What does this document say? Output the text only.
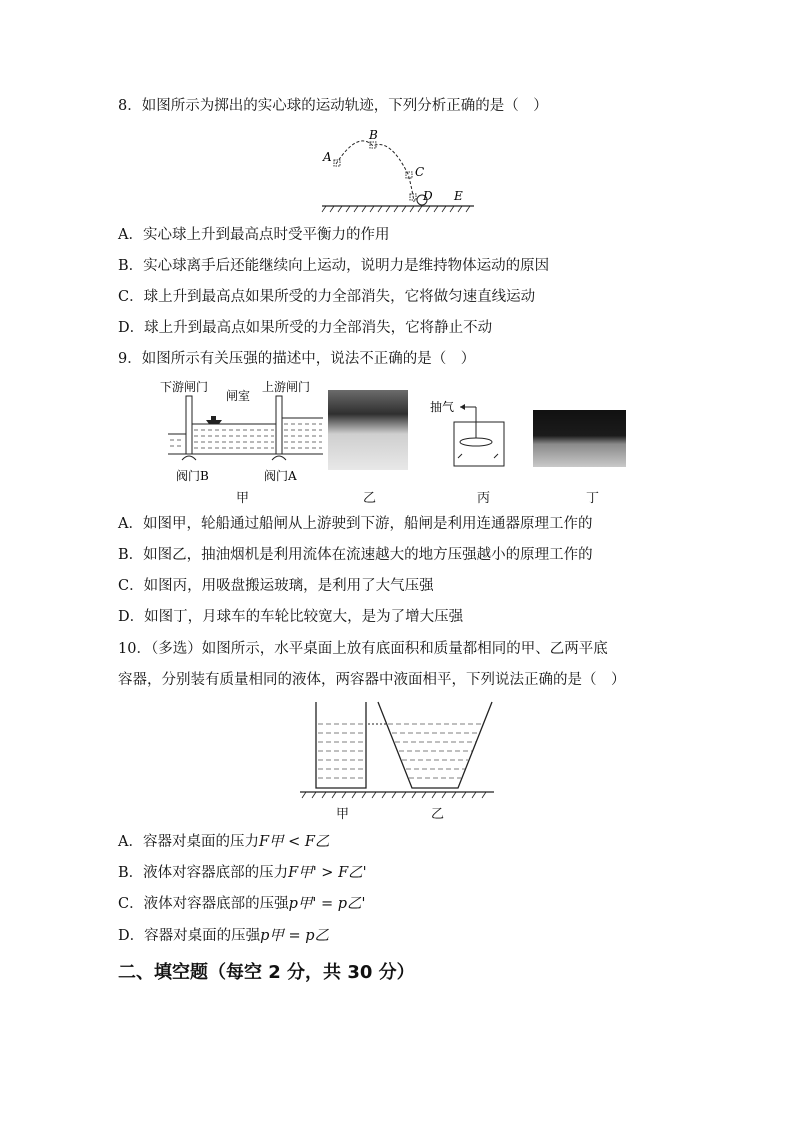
8．如图所示为掷出的实心球的运动轨迹，下列分析正确的是（　）
A
B
C
D E
A．实心球上升到最高点时受平衡力的作用
B．实心球离手后还能继续向上运动，说明力是维持物体运动的原因
C．球上升到最高点如果所受的力全部消失，它将做匀速直线运动
D．球上升到最高点如果所受的力全部消失，它将静止不动
9．如图所示有关压强的描述中，说法不正确的是（　）
下游闸门
闸室
上游闸门
阀门B	阀门A
甲	乙
抽气
丙	丁
A．如图甲，轮船通过船闸从上游驶到下游，船闸是利用连通器原理工作的
B．如图乙，抽油烟机是利用流体在流速越大的地方压强越小的原理工作的
C．如图丙，用吸盘搬运玻璃，是利用了大气压强
D．如图丁，月球车的车轮比较宽大，是为了增大压强
10．（多选）如图所示，水平桌面上放有底面积和质量都相同的甲、乙两平底
容器，分别装有质量相同的液体，两容器中液面相平，下列说法正确的是（　）
甲	乙
A．容器对桌面的压力F甲 < F乙
B．液体对容器底部的压力F甲' > F乙'
C．液体对容器底部的压强p甲' = p乙'
D．容器对桌面的压强p甲 = p乙
二、填空题（每空 2 分，共 30 分）
